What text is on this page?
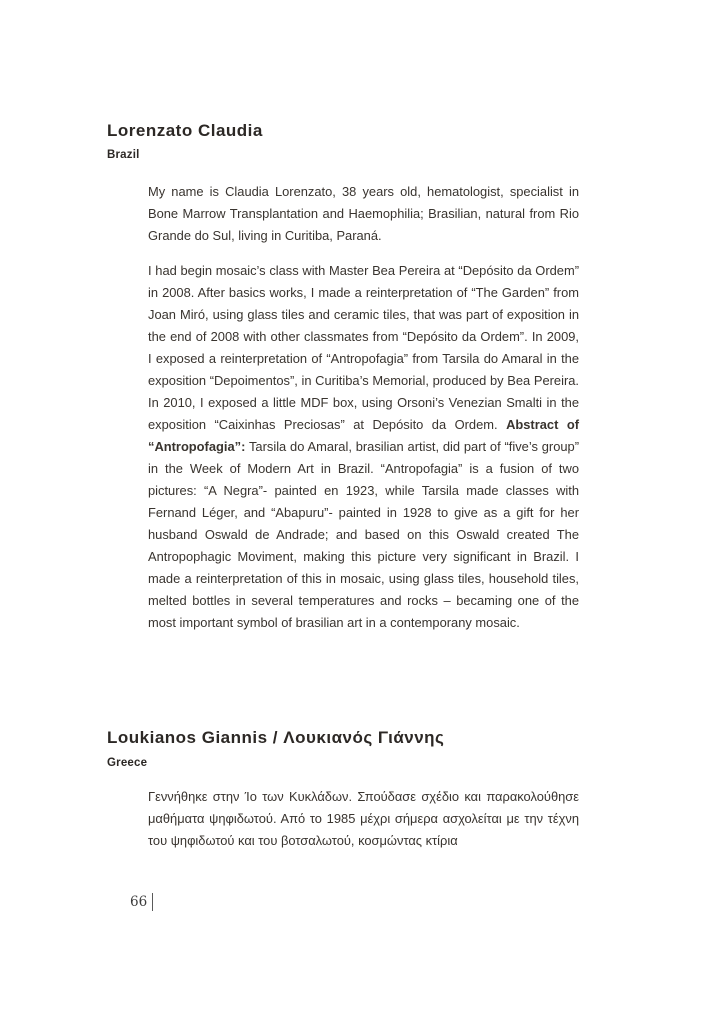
Lorenzato Claudia
Brazil

My name is Claudia Lorenzato, 38 years old, hematologist, specialist in Bone Marrow Transplantation and Haemophilia; Brasilian, natural from Rio Grande do Sul, living in Curitiba, Paraná.

I had begin mosaic’s class with Master Bea Pereira at “Depósito da Ordem” in 2008. After basics works, I made a reinterpretation of “The Garden” from Joan Miró, using glass tiles and ceramic tiles, that was part of exposition in the end of 2008 with other classmates from “Depósito da Ordem”. In 2009, I exposed a reinterpretation of “Antropofagia” from Tarsila do Amaral in the exposition “Depoimentos”, in Curitiba’s Memorial, produced by Bea Pereira. In 2010, I exposed a little MDF box, using Orsoni’s Venezian Smalti in the exposition “Caixinhas Preciosas” at Depósito da Ordem. Abstract of “Antropofagia”: Tarsila do Amaral, brasilian artist, did part of “five’s group” in the Week of Modern Art in Brazil. “Antropofagia” is a fusion of two pictures: “A Negra”- painted en 1923, while Tarsila made classes with Fernand Léger, and “Abapuru”- painted in 1928 to give as a gift for her husband Oswald de Andrade; and based on this Oswald created The Antropophagic Moviment, making this picture very significant in Brazil. I made a reinterpretation of this in mosaic, using glass tiles, household tiles, melted bottles in several temperatures and rocks – becaming one of the most important symbol of brasilian art in a contemporany mosaic.

Loukianos Giannis / Λουκιανός Γιάννης
Greece

Γεννήθηκε στην Ίο των Κυκλάδων. Σπούδασε σχέδιο και παρακολούθησε μαθήματα ψηφιδωτού. Από το 1985 μέχρι σήμερα ασχολείται με την τέχνη του ψηφιδωτού και του βοτσαλωτού, κοσμώντας κτίρια

66
